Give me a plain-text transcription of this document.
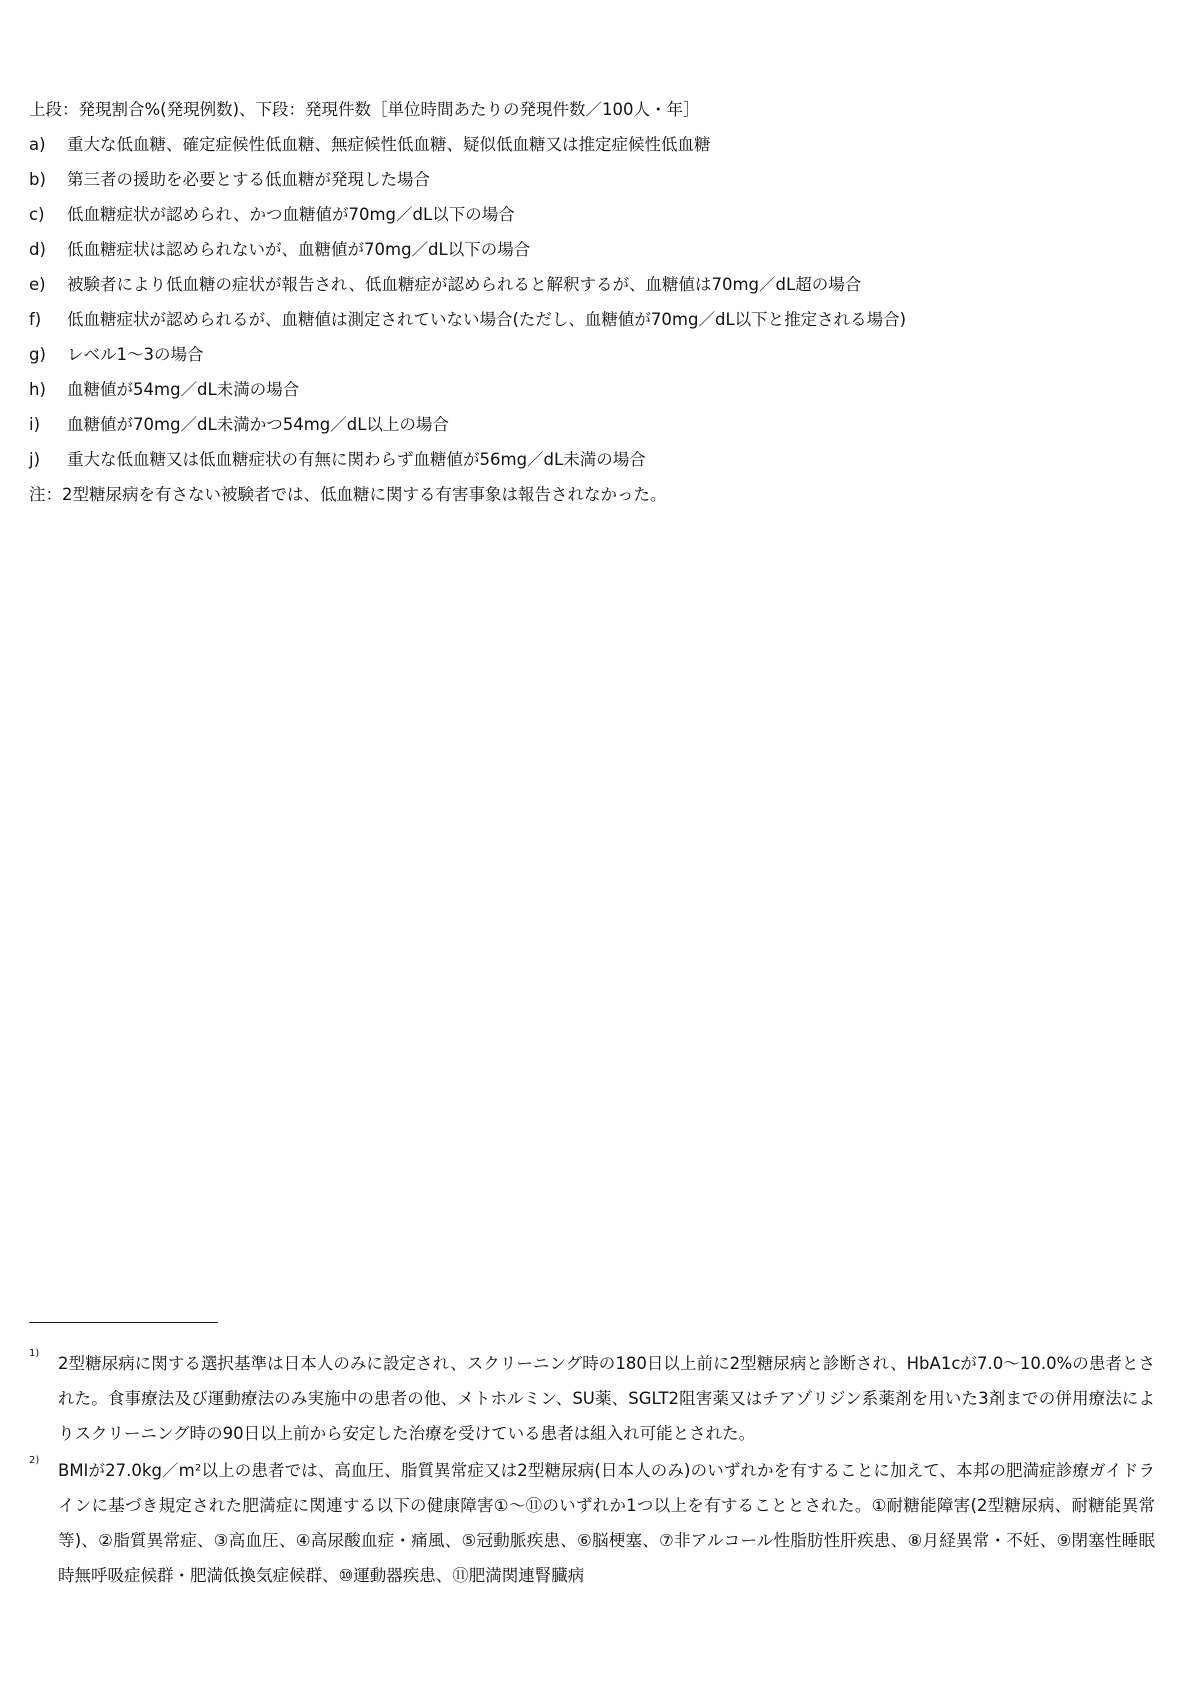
上段：発現割合%(発現例数)、下段：発現件数［単位時間あたりの発現件数／100人・年］
a)	重大な低血糖、確定症候性低血糖、無症候性低血糖、疑似低血糖又は推定症候性低血糖
b)	第三者の援助を必要とする低血糖が発現した場合
c)	低血糖症状が認められ、かつ血糖値が70mg／dL以下の場合
d)	低血糖症状は認められないが、血糖値が70mg／dL以下の場合
e)	被験者により低血糖の症状が報告され、低血糖症が認められると解釈するが、血糖値は70mg／dL超の場合
f)	低血糖症状が認められるが、血糖値は測定されていない場合(ただし、血糖値が70mg／dL以下と推定される場合)
g)	レベル1～3の場合
h)	血糖値が54mg／dL未満の場合
i)	血糖値が70mg／dL未満かつ54mg／dL以上の場合
j)	重大な低血糖又は低血糖症状の有無に関わらず血糖値が56mg／dL未満の場合
注：2型糖尿病を有さない被験者では、低血糖に関する有害事象は報告されなかった。
1)
2型糖尿病に関する選択基準は日本人のみに設定され、スクリーニング時の180日以上前に2型糖尿病と診断され、HbA1cが7.0～10.0%の患者とされた。食事療法及び運動療法のみ実施中の患者の他、メトホルミン、SU薬、SGLT2阻害薬又はチアゾリジン系薬剤を用いた3剤までの併用療法によりスクリーニング時の90日以上前から安定した治療を受けている患者は組入れ可能とされた。
2)
BMIが27.0kg／m²以上の患者では、高血圧、脂質異常症又は2型糖尿病(日本人のみ)のいずれかを有することに加えて、本邦の肥満症診療ガイドラインに基づき規定された肥満症に関連する以下の健康障害①～⑪のいずれか1つ以上を有することとされた。①耐糖能障害(2型糖尿病、耐糖能異常等)、②脂質異常症、③高血圧、④高尿酸血症・痛風、⑤冠動脈疾患、⑥脳梗塞、⑦非アルコール性脂肪性肝疾患、⑧月経異常・不妊、⑨閉塞性睡眠時無呼吸症候群・肥満低換気症候群、⑩運動器疾患、⑪肥満関連腎臓病
